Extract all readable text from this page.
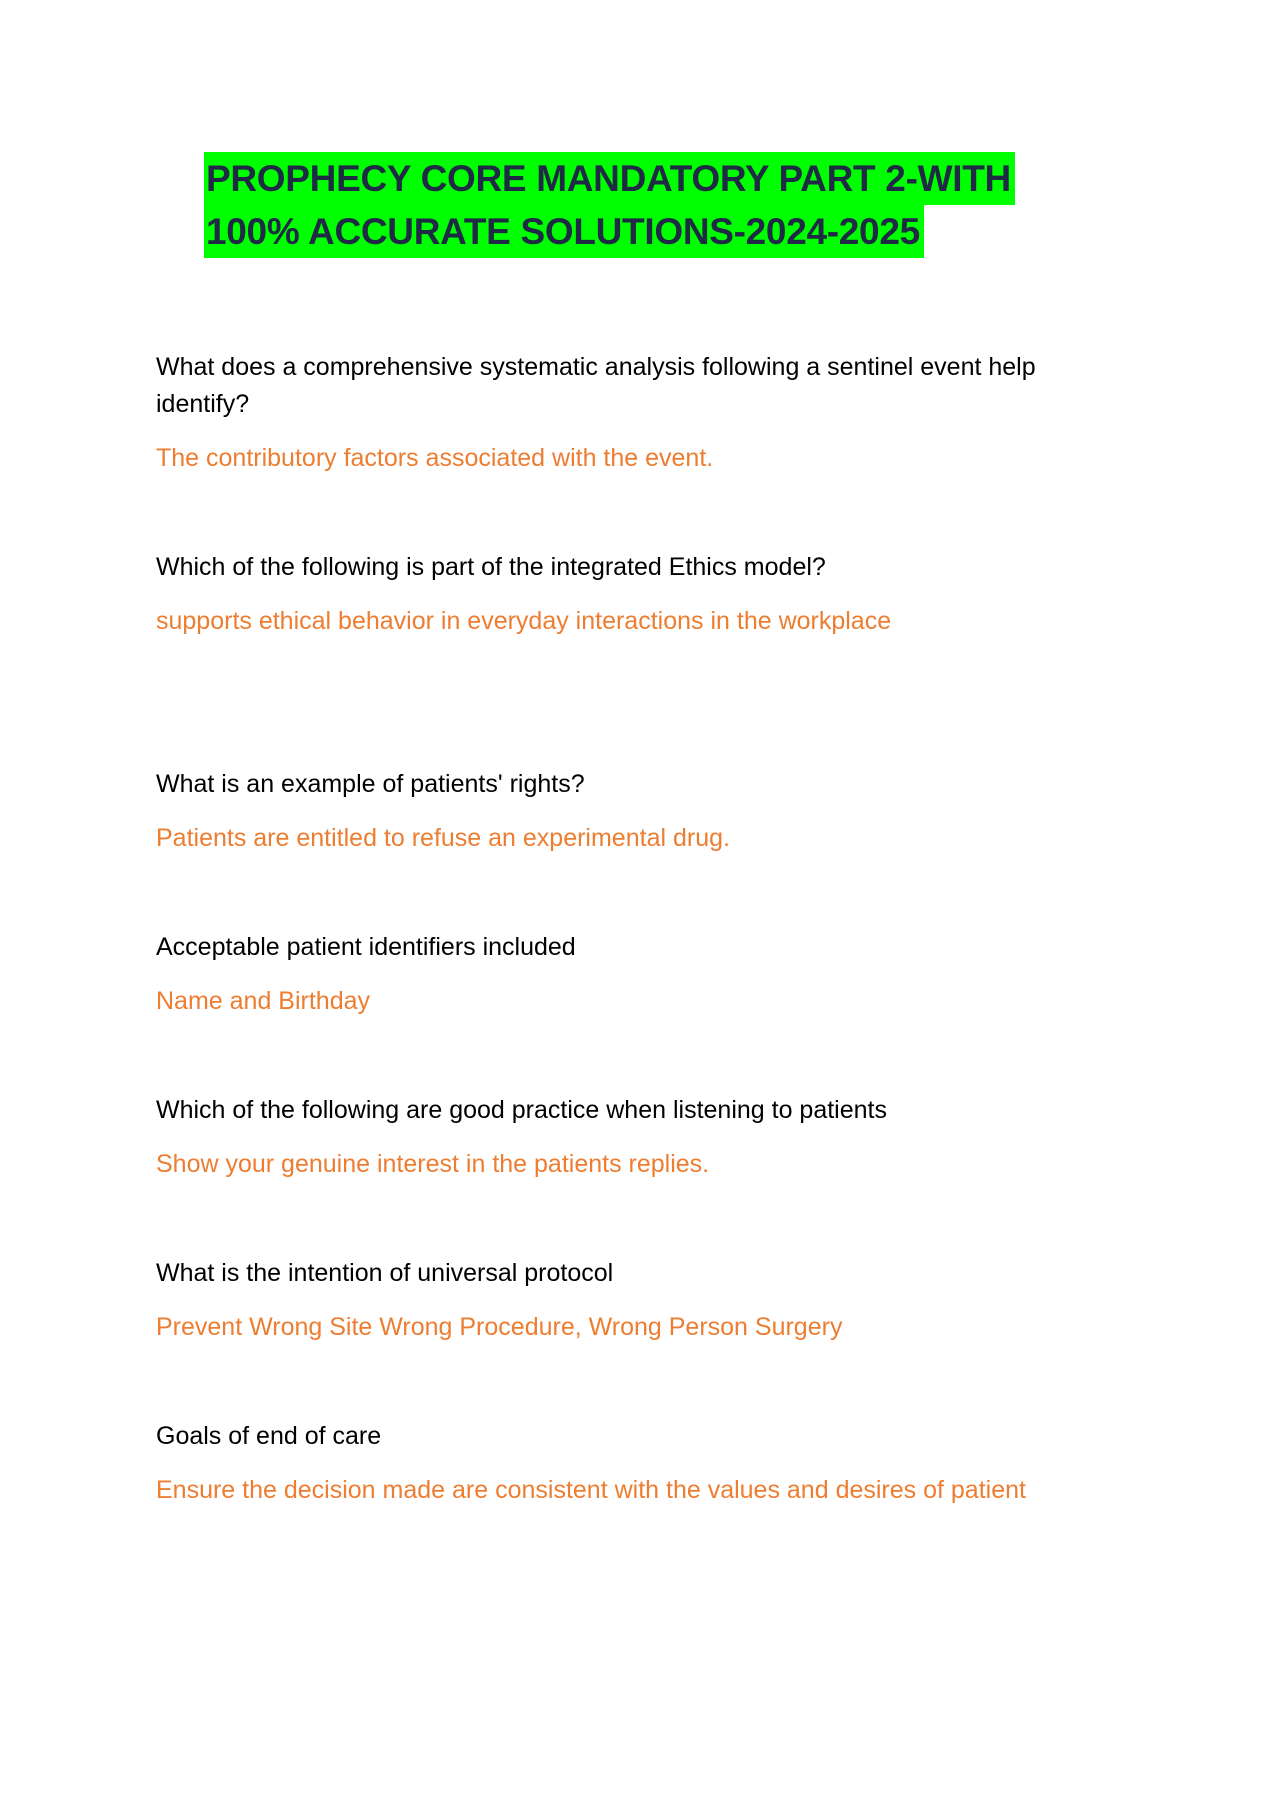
PROPHECY CORE MANDATORY PART 2-WITH
100% ACCURATE SOLUTIONS-2024-2025

What does a comprehensive systematic analysis following a sentinel event help identify?

The contributory factors associated with the event.

Which of the following is part of the integrated Ethics model?

supports ethical behavior in everyday interactions in the workplace

What is an example of patients' rights?

Patients are entitled to refuse an experimental drug.

Acceptable patient identifiers included

Name and Birthday

Which of the following are good practice when listening to patients

Show your genuine interest in the patients replies.

What is the intention of universal protocol

Prevent Wrong Site Wrong Procedure, Wrong Person Surgery

Goals of end of care

Ensure the decision made are consistent with the values and desires of patient
